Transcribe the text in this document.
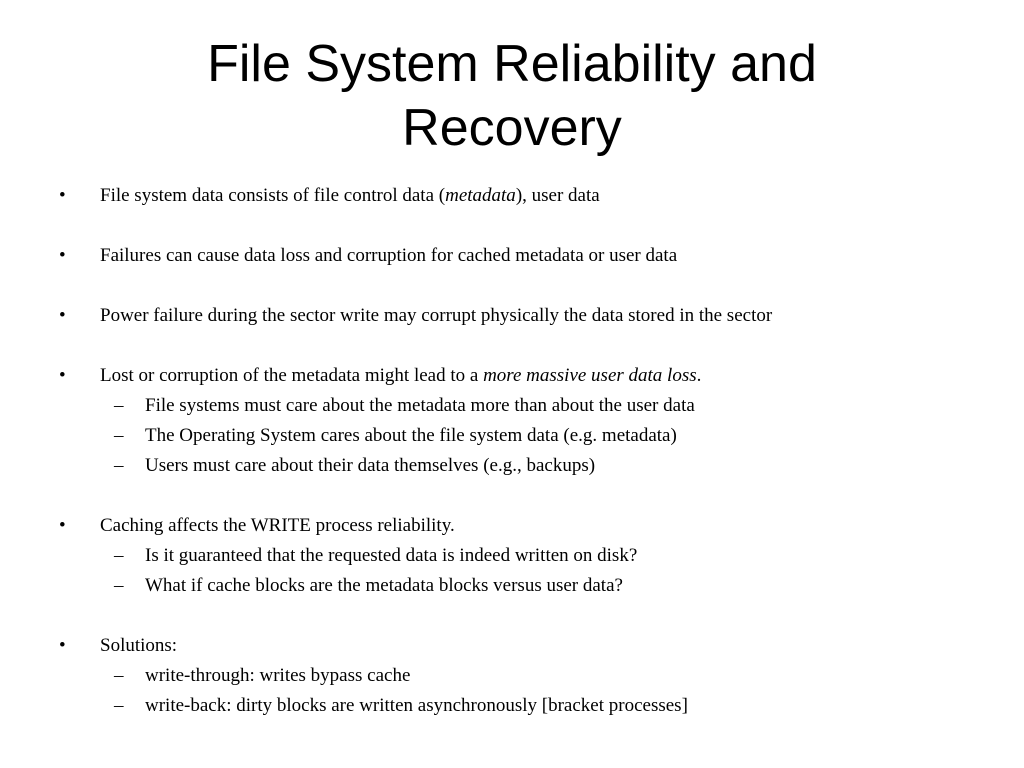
File System Reliability and Recovery
• File system data consists of file control data (metadata), user data
• Failures can cause data loss and corruption for cached metadata or user data
• Power failure during the sector write may corrupt physically the data stored in the sector
• Lost or corruption of the metadata might lead to a more massive user data loss.
– File systems must care about the metadata more than about the user data
– The Operating System cares about the file system data (e.g. metadata)
– Users must care about their data themselves (e.g., backups)
• Caching affects the WRITE process reliability.
– Is it guaranteed that the requested data is indeed written on disk?
– What if cache blocks are the metadata blocks versus user data?
• Solutions:
– write-through: writes bypass cache
– write-back: dirty blocks are written asynchronously [bracket processes]
